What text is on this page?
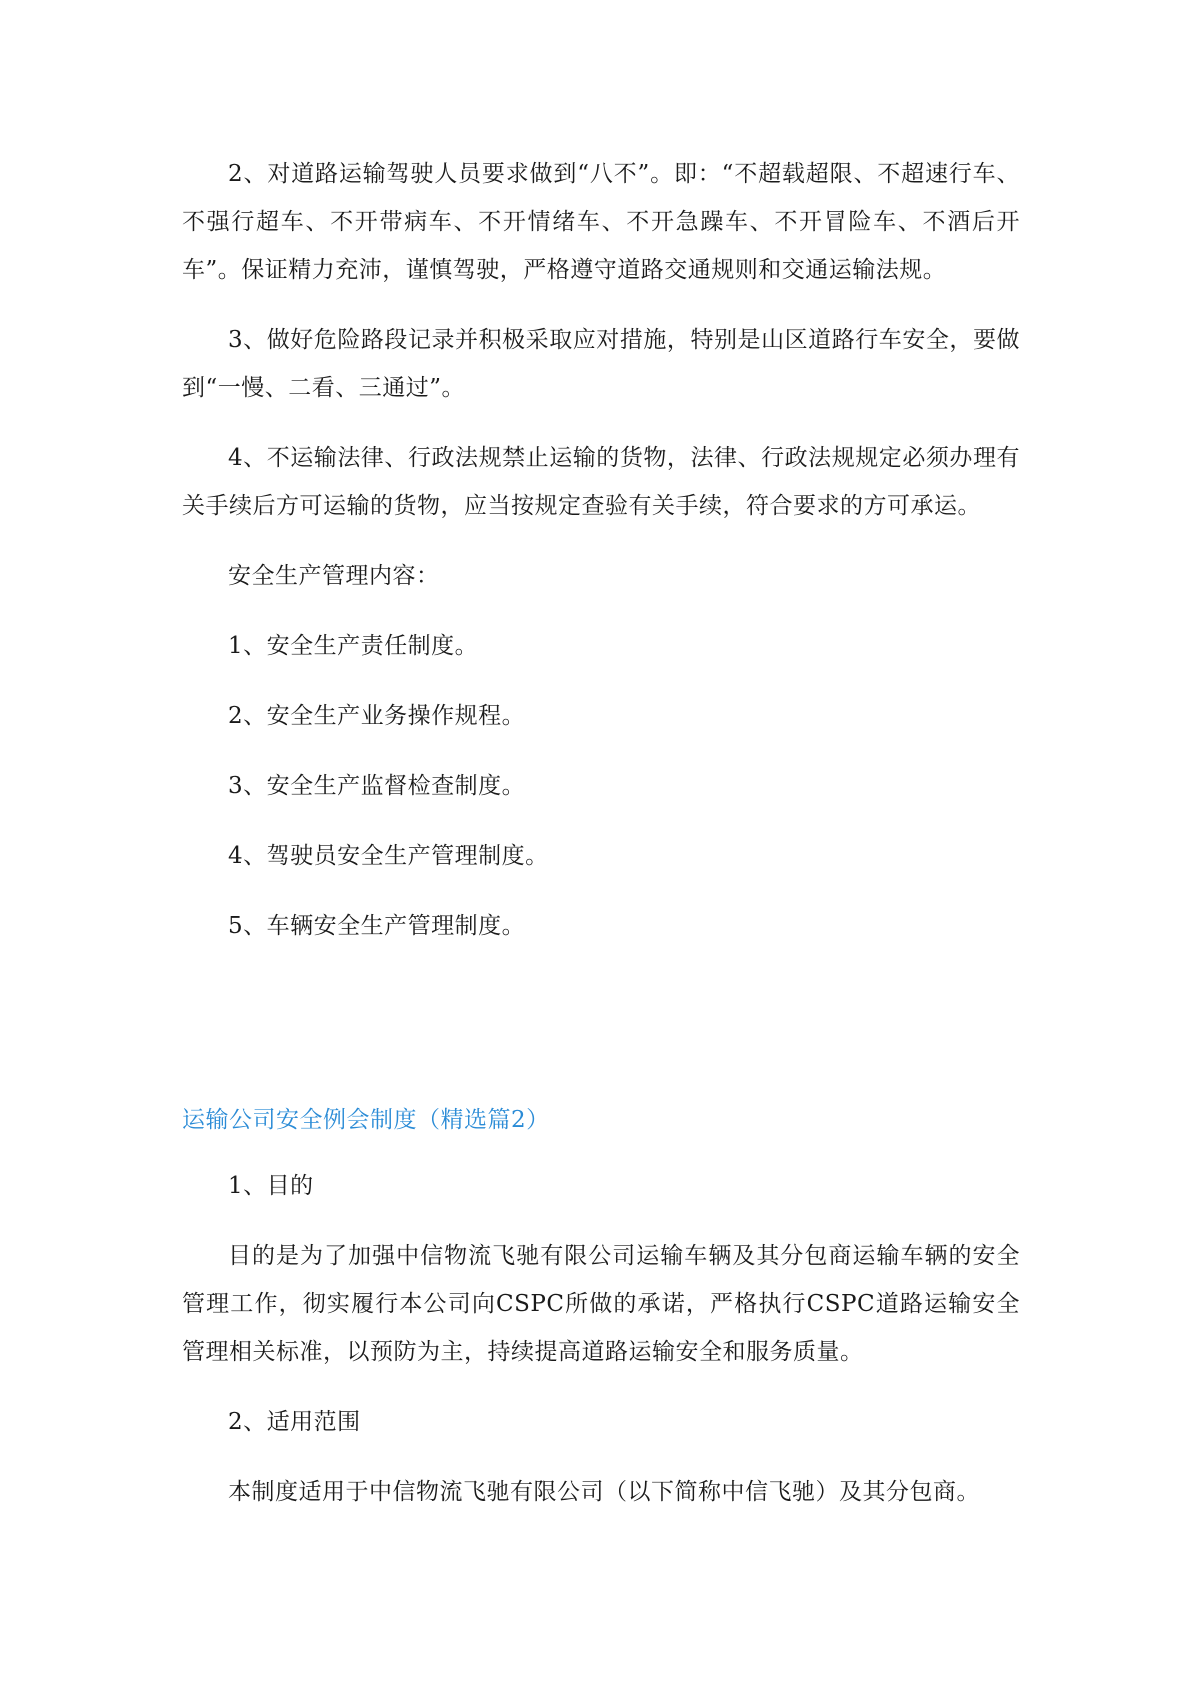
2、对道路运输驾驶人员要求做到“八不”。即：“不超载超限、不超速行车、不强行超车、不开带病车、不开情绪车、不开急躁车、不开冒险车、不酒后开车”。保证精力充沛，谨慎驾驶，严格遵守道路交通规则和交通运输法规。

3、做好危险路段记录并积极采取应对措施，特别是山区道路行车安全，要做到“一慢、二看、三通过”。

4、不运输法律、行政法规禁止运输的货物，法律、行政法规规定必须办理有关手续后方可运输的货物，应当按规定查验有关手续，符合要求的方可承运。

安全生产管理内容：

1、安全生产责任制度。

2、安全生产业务操作规程。

3、安全生产监督检查制度。

4、驾驶员安全生产管理制度。

5、车辆安全生产管理制度。

运输公司安全例会制度（精选篇2）

1、目的

目的是为了加强中信物流飞驰有限公司运输车辆及其分包商运输车辆的安全管理工作，彻实履行本公司向CSPC所做的承诺，严格执行CSPC道路运输安全管理相关标准，以预防为主，持续提高道路运输安全和服务质量。

2、适用范围

本制度适用于中信物流飞驰有限公司（以下简称中信飞驰）及其分包商。
